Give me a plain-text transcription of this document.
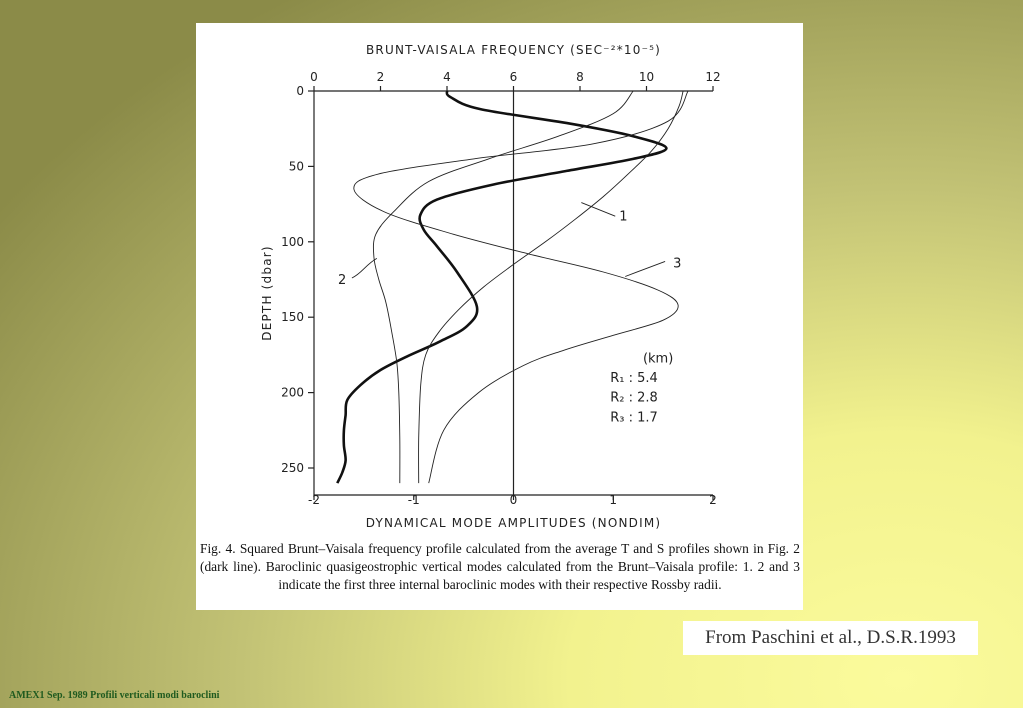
0	2	4	6	8	10	12
BRUNT-VAISALA FREQUENCY (SEC⁻²*10⁻⁵)
-2	-1	0	1	2
DYNAMICAL MODE AMPLITUDES (NONDIM)
0
50
100
150
200
250
DEPTH (dbar)
1
2
3
(km)
R₁ : 5.4
R₂ : 2.8
R₃ : 1.7
Fig. 4. Squared Brunt–Vaisala frequency profile calculated from the average T and S profiles shown in Fig. 2 (dark line). Baroclinic quasigeostrophic vertical modes calculated from the Brunt–Vaisala profile: 1. 2 and 3 indicate the first three internal baroclinic modes with their respective Rossby radii.
From Paschini et al., D.S.R.1993
AMEX1 Sep. 1989 Profili verticali modi baroclini
